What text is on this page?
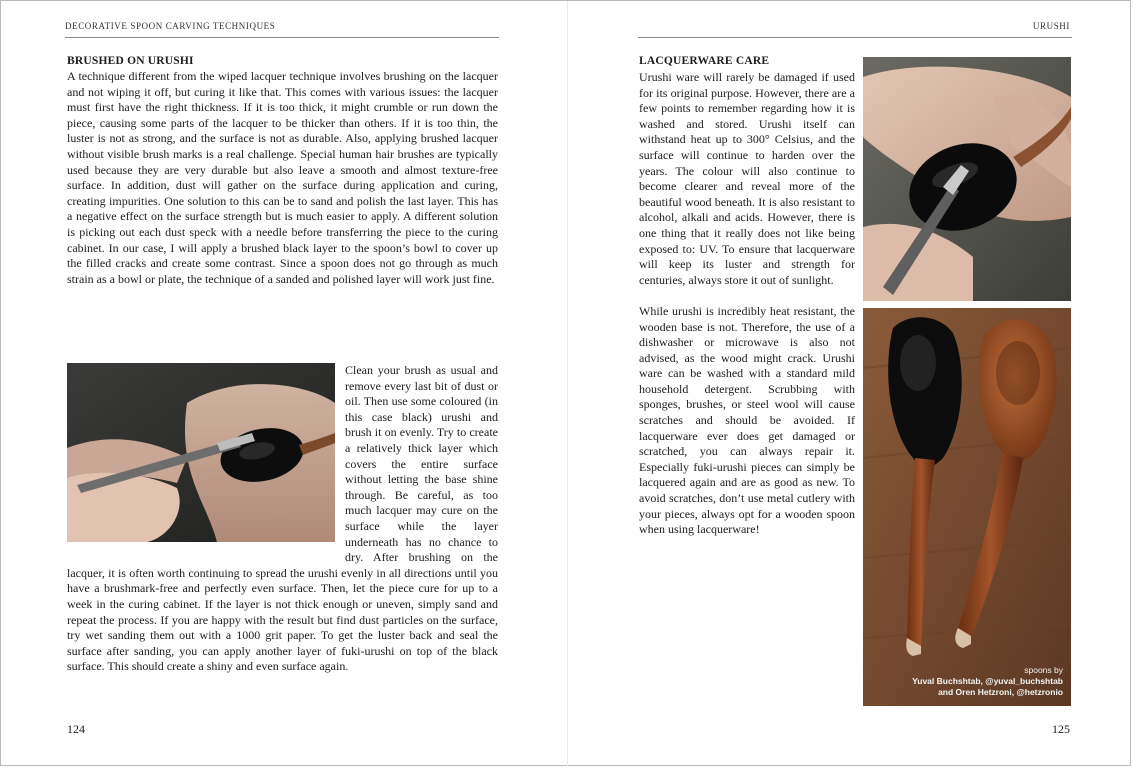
DECORATIVE SPOON CARVING TECHNIQUES
BRUSHED ON URUSHI

A technique different from the wiped lacquer technique involves brushing on the lacquer and not wiping it off, but curing it like that. This comes with various issues: the lacquer must first have the right thickness. If it is too thick, it might crumble or run down the piece, causing some parts of the lacquer to be thicker than others. If it is too thin, the luster is not as strong, and the surface is not as durable. Also, applying brushed lacquer without visible brush marks is a real challenge. Special human hair brushes are typically used because they are very durable but also leave a smooth and almost texture-free surface. In addition, dust will gather on the surface during application and curing, creating impurities. One solution to this can be to sand and polish the last layer. This has a negative effect on the surface strength but is much easier to apply. A different solution is picking out each dust speck with a needle before transferring the piece to the curing cabinet. In our case, I will apply a brushed black layer to the spoon’s bowl to cover up the filled cracks and create some contrast. Since a spoon does not go through as much strain as a bowl or plate, the technique of a sanded and polished layer will work just fine.

Clean your brush as usual and remove every last bit of dust or oil. Then use some coloured (in this case black) urushi and brush it on evenly. Try to create a relatively thick layer which covers the entire surface without letting the base shine through. Be careful, as too much lacquer may cure on the surface while the layer underneath has no chance to dry. After brushing on the lacquer, it is often worth continuing to spread the urushi evenly in all directions until you have a brushmark-free and perfectly even surface. Then, let the piece cure for up to a week in the curing cabinet. If the layer is not thick enough or uneven, simply sand and repeat the process. If you are happy with the result but find dust particles on the surface, try wet sanding them out with a 1000 grit paper. To get the luster back and seal the surface after sanding, you can apply another layer of fuki-urushi on top of the black surface. This should create a shiny and even surface again.

124
URUSHI
LACQUERWARE CARE

Urushi ware will rarely be damaged if used for its original purpose. However, there are a few points to remember regarding how it is washed and stored. Urushi itself can withstand heat up to 300° Celsius, and the surface will continue to harden over the years. The colour will also continue to become clearer and reveal more of the beautiful wood beneath. It is also resistant to alcohol, alkali and acids. However, there is one thing that it really does not like being exposed to: UV. To ensure that lacquerware will keep its luster and strength for centuries, always store it out of sunlight.

While urushi is incredibly heat resistant, the wooden base is not. Therefore, the use of a dishwasher or microwave is also not advised, as the wood might crack. Urushi ware can be washed with a standard mild household detergent. Scrubbing with sponges, brushes, or steel wool will cause scratches and should be avoided. If lacquerware ever does get damaged or scratched, you can always repair it. Especially fuki-urushi pieces can simply be lacquered again and are as good as new. To avoid scratches, don’t use metal cutlery with your pieces, always opt for a wooden spoon when using lacquerware!

spoons by
Yuval Buchshtab, @yuval_buchshtab
and Oren Hetzroni, @hetzronio
125
